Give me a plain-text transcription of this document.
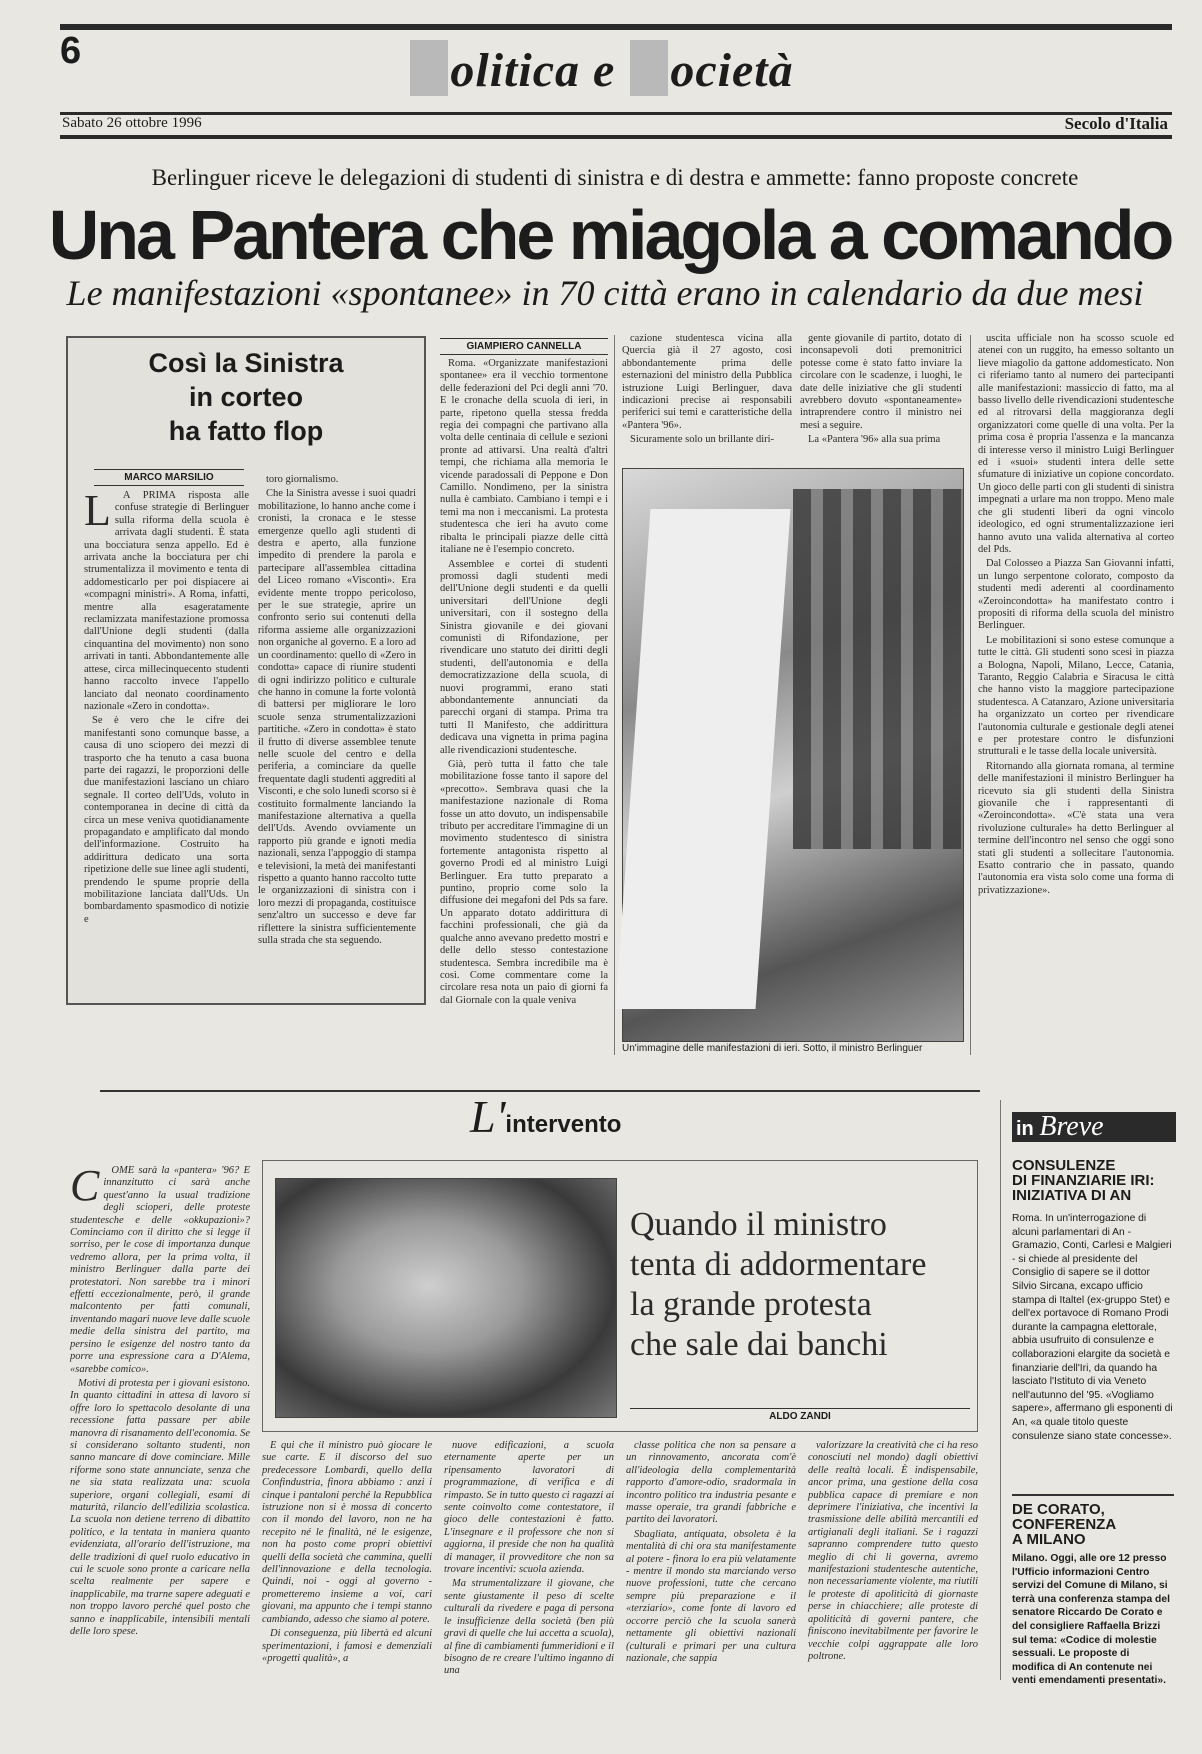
6	olitica e ocietà
Sabato 26 ottobre 1996	Secolo d'Italia
Berlinguer riceve le delegazioni di studenti di sinistra e di destra e ammette: fanno proposte concrete
Una Pantera che miagola a comando
Le manifestazioni «spontanee» in 70 città erano in calendario da due mesi
Così la Sinistra
in corteo
ha fatto flop
MARCO MARSILIO
L	A PRIMA risposta alle confuse strategie di Berlinguer sulla riforma della scuola è arrivata dagli studenti. È stata una bocciatura senza appello. Ed è arrivata anche la bocciatura per chi strumentalizza il movimento e tenta di addomesticarlo per poi dispiacere ai «compagni ministri». A Roma, infatti, mentre alla esageratamente reclamizzata manifestazione promossa dall'Unione degli studenti (dalla cinquantina del movimento) non sono arrivati in tanti. Abbondantemente alle attese, circa millecinquecento studenti hanno raccolto invece l'appello lanciato dal neonato coordinamento nazionale «Zero in condotta».

Se è vero che le cifre dei manifestanti sono comunque basse, a causa di uno sciopero dei mezzi di trasporto che ha tenuto a casa buona parte dei ragazzi, le proporzioni delle due manifestazioni lasciano un chiaro segnale. Il corteo dell'Uds, voluto in contemporanea in decine di città da circa un mese veniva quotidianamente propagandato e amplificato dal mondo dell'informazione. Costruito ha addirittura dedicato una sorta ripetizione delle sue linee agli studenti, prendendo le spume proprie della mobilitazione lanciata dall'Uds. Un bombardamento spasmodico di notizie e

toro giornalismo.

Che la Sinistra avesse i suoi quadri mobilitazione, lo hanno anche come i cronisti, la cronaca e le stesse emergenze quello agli studenti di destra e aperto, alla funzione impedito di prendere la parola e partecipare all'assemblea cittadina del Liceo romano «Visconti». Era evidente mente troppo pericoloso, per le sue strategie, aprire un confronto serio sui contenuti della riforma assieme alle organizzazioni non organiche al governo. E a loro ad un coordinamento: quello di «Zero in condotta» capace di riunire studenti di ogni indirizzo politico e culturale che hanno in comune la forte volontà di battersi per migliorare le loro scuole senza strumentalizzazioni partitiche. «Zero in condotta» è stato il frutto di diverse assemblee tenute nelle scuole del centro e della periferia, a cominciare da quelle frequentate dagli studenti aggrediti al Visconti, e che solo lunedì scorso si è costituito formalmente lanciando la manifestazione alternativa a quella dell'Uds. Avendo ovviamente un rapporto più grande e ignoti media nazionali, senza l'appoggio di stampa e televisioni, la metà dei manifestanti rispetto a quanto hanno raccolto tutte le organizzazioni di sinistra con i loro mezzi di propaganda, costituisce senz'altro un successo e deve far riflettere la sinistra sufficientemente sulla strada che sta seguendo.

GIAMPIERO CANNELLA

Roma. «Organizzate manifestazioni spontanee» era il vecchio tormentone delle federazioni del Pci degli anni '70. E le cronache della scuola di ieri, in parte, ripetono quella stessa fredda regia dei compagni che partivano alla volta delle centinaia di cellule e sezioni pronte ad attivarsi. Una realtà d'altri tempi, che richiama alla memoria le vicende paradossali di Peppone e Don Camillo. Nondimeno, per la sinistra nulla è cambiato. Cambiano i tempi e i temi ma non i meccanismi. La protesta studentesca che ieri ha avuto come ribalta le principali piazze delle città italiane ne è l'esempio concreto.

Assemblee e cortei di studenti promossi dagli studenti medi dell'Unione degli studenti e da quelli universitari dell'Unione degli universitari, con il sostegno della Sinistra giovanile e dei giovani comunisti di Rifondazione, per rivendicare uno statuto dei diritti degli studenti, dell'autonomia e della democratizzazione della scuola, di nuovi programmi, erano stati abbondantemente annunciati da parecchi organi di stampa. Prima tra tutti Il Manifesto, che addirittura dedicava una vignetta in prima pagina alle rivendicazioni studentesche.

Già, però tutta il fatto che tale mobilitazione fosse tanto il sapore del «precotto». Sembrava quasi che la manifestazione nazionale di Roma fosse un atto dovuto, un indispensabile tributo per accreditare l'immagine di un movimento studentesco di sinistra fortemente antagonista rispetto al governo Prodi ed al ministro Luigi Berlinguer. Era tutto preparato a puntino, proprio come solo la diffusione dei megafoni del Pds sa fare. Un apparato dotato addirittura di facchini professionali, che già da qualche anno avevano predetto mostri e delle dello stesso contestazione studentesca. Sembra incredibile ma è così. Come commentare come la circolare resa nota un paio di giorni fa dal Giornale con la quale veniva

cazione studentesca vicina alla Quercia già il 27 agosto, così abbondantemente prima delle esternazioni del ministro della Pubblica istruzione Luigi Berlinguer, dava indicazioni precise ai responsabili periferici sui temi e caratteristiche della «Pantera '96».

Sicuramente solo un brillante diri-

gente giovanile di partito, dotato di inconsapevoli doti premonitrici potesse come è stato fatto inviare la circolare con le scadenze, i luoghi, le date delle iniziative che gli studenti avrebbero dovuto «spontaneamente» intraprendere contro il ministro nei mesi a seguire.

La «Pantera '96» alla sua prima

uscita ufficiale non ha scosso scuole ed atenei con un ruggito, ha emesso soltanto un lieve miagolio da gattone addomesticato. Non ci riferiamo tanto al numero dei partecipanti alle manifestazioni: massiccio di fatto, ma al basso livello delle rivendicazioni studentesche ed al ritrovarsi della maggioranza degli organizzatori come quelle di una volta. Per la prima cosa è propria l'assenza e la mancanza di interesse verso il ministro Luigi Berlinguer ed i «suoi» studenti intera delle sette sfumature di iniziative un copione concordato. Un gioco delle parti con gli studenti di sinistra impegnati a urlare ma non troppo. Meno male che gli studenti liberi da ogni vincolo ideologico, ed ogni strumentalizzazione ieri hanno avuto una valida alternativa al corteo del Pds.

Dal Colosseo a Piazza San Giovanni infatti, un lungo serpentone colorato, composto da studenti medi aderenti al coordinamento «Zeroincondotta» ha manifestato contro i propositi di riforma della scuola del ministro Berlinguer.

Le mobilitazioni si sono estese comunque a tutte le città. Gli studenti sono scesi in piazza a Bologna, Napoli, Milano, Lecce, Catania, Taranto, Reggio Calabria e Siracusa le città che hanno visto la maggiore partecipazione studentesca. A Catanzaro, Azione universitaria ha organizzato un corteo per rivendicare l'autonomia culturale e gestionale degli atenei e per protestare contro le disfunzioni strutturali e le tasse della locale università.

Ritornando alla giornata romana, al termine delle manifestazioni il ministro Berlinguer ha ricevuto sia gli studenti della Sinistra giovanile che i rappresentanti di «Zeroincondotta». «C'è stata una vera rivoluzione culturale» ha detto Berlinguer al termine dell'incontro nel senso che oggi sono stati gli studenti a sollecitare l'autonomia. Esatto contrario che in passato, quando l'autonomia era vista solo come una forma di privatizzazione».

Un'immagine delle manifestazioni di ieri. Sotto, il ministro Berlinguer
L'intervento
C	OME sarà la «pantera» '96? E innanzitutto ci sarà anche quest'anno la usual tradizione degli scioperi, delle proteste studentesche e delle «okkupazioni»? Cominciamo con il diritto che si legge il sorriso, per le cose di importanza dunque vedremo allora, per la prima volta, il ministro Berlinguer dalla parte dei protestatori. Non sarebbe tra i minori effetti eccezionalmente, però, il grande malcontento per fatti comunali, inventando magari nuove leve dalle scuole medie della sinistra del partito, ma persino le esigenze del nostro tanto da porre una espressione cara a D'Alema, «sarebbe comico».

Motivi di protesta per i giovani esistono. In quanto cittadini in attesa di lavoro si offre loro lo spettacolo desolante di una recessione fatta passare per abile manovra di risanamento dell'economia. Se si considerano soltanto studenti, non sanno mancare di dove cominciare. Mille riforme sono state annunciate, senza che ne sia stata realizzata una: scuola superiore, organi collegiali, esami di maturità, rilancio dell'edilizia scolastica. La scuola non detiene terreno di dibattito politico, e la tentata in maniera quanto evidenziata, all'orario dell'istruzione, ma delle tradizioni di quel ruolo educativo in cui le scuole sono pronte a caricare nella scelta realmente per sapere e inapplicabile, ma trarne sapere adeguati e non troppo lavoro perché quel posto che sanno e inapplicabile, intensibili mentali delle loro spese.

Quando il ministro
tenta di addormentare
la grande protesta
che sale dai banchi
ALDO ZANDI

E qui che il ministro può giocare le sue carte. E il discorso del suo predecessore Lombardi, quello della Confindustria, finora abbiamo : anzi i cinque i pantaloni perché la Repubblica istruzione non si è mossa di concerto con il mondo del lavoro, non ne ha recepito né le finalità, né le esigenze, non ha posto come propri obiettivi quelli della società che cammina, quelli dell'innovazione e della tecnologia. Quindi, noi - oggi al governo - prometteremo insieme a voi, cari giovani, ma appunto che i tempi stanno cambiando, adesso che siamo al potere.

Di conseguenza, più libertà ed alcuni sperimentazioni, i famosi e demenziali «progetti qualità», a

nuove edificazioni, a scuola eternamente aperte per un ripensamento lavoratori di programmazione, di verifica e di rimpasto. Se in tutto questo ci ragazzi ai sente coinvolto come contestatore, il gioco delle contestazioni è fatto. L'insegnare e il professore che non si aggiorna, il preside che non ha qualità di manager, il provveditore che non sa trovare incentivi: scuola azienda.

Ma strumentalizzare il giovane, che sente giustamente il peso di scelte culturali da rivedere e paga di persona le insufficienze della società (ben più gravi di quelle che lui accetta a scuola), al fine di cambiamenti fummeridioni e il bisogno de re creare l'ultimo inganno di una

classe politica che non sa pensare a un rinnovamento, ancorata com'è all'ideologia della complementarità rapporto d'amore-odio, sradormala in incontro politico tra industria pesante e masse operaie, tra grandi fabbriche e partito dei lavoratori.

Sbagliata, antiquata, obsoleta è la mentalità di chi ora sta manifestamente al potere - finora lo era più velatamente - mentre il mondo sta marciando verso nuove professioni, tutte che cercano sempre più preparazione e il «terziario», come fonte di lavoro ed occorre perciò che la scuola sanerà nettamente gli obiettivi nazionali (culturali e primari per una cultura nazionale, che sappia

valorizzare la creatività che ci ha reso conosciuti nel mondo) dagli obiettivi delle realtà locali. È indispensabile, ancor prima, una gestione della cosa pubblica capace di premiare e non deprimere l'iniziativa, che incentivi la trasmissione delle abilità mercantili ed artigianali degli italiani. Se i ragazzi sapranno comprendere tutto questo meglio di chi li governa, avremo manifestazioni studentesche autentiche, non necessariamente violente, ma riutili le proteste di apoliticità di giornaste perse in chiacchiere; alle proteste di apoliticità di governi pantere, che finiscono inevitabilmente per favorire le vecchie colpi aggrappate alle loro poltrone.

in Breve
CONSULENZE
DI FINANZIARIE IRI:
INIZIATIVA DI AN
Roma. In un'interrogazione di alcuni parlamentari di An - Gramazio, Conti, Carlesi e Malgieri - si chiede al presidente del Consiglio di sapere se il dottor Silvio Sircana, excapo ufficio stampa di Italtel (ex-gruppo Stet) e dell'ex portavoce di Romano Prodi durante la campagna elettorale, abbia usufruito di consulenze e collaborazioni elargite da società e finanziarie dell'Iri, da quando ha lasciato l'Istituto di via Veneto nell'autunno del '95. «Vogliamo sapere», affermano gli esponenti di An, «a quale titolo queste consulenze siano state concesse».
DE CORATO,
CONFERENZA
A MILANO
Milano. Oggi, alle ore 12 presso l'Ufficio informazioni Centro servizi del Comune di Milano, si terrà una conferenza stampa del senatore Riccardo De Corato e del consigliere Raffaella Brizzi sul tema: «Codice di molestie sessuali. Le proposte di modifica di An contenute nei venti emendamenti presentati».
